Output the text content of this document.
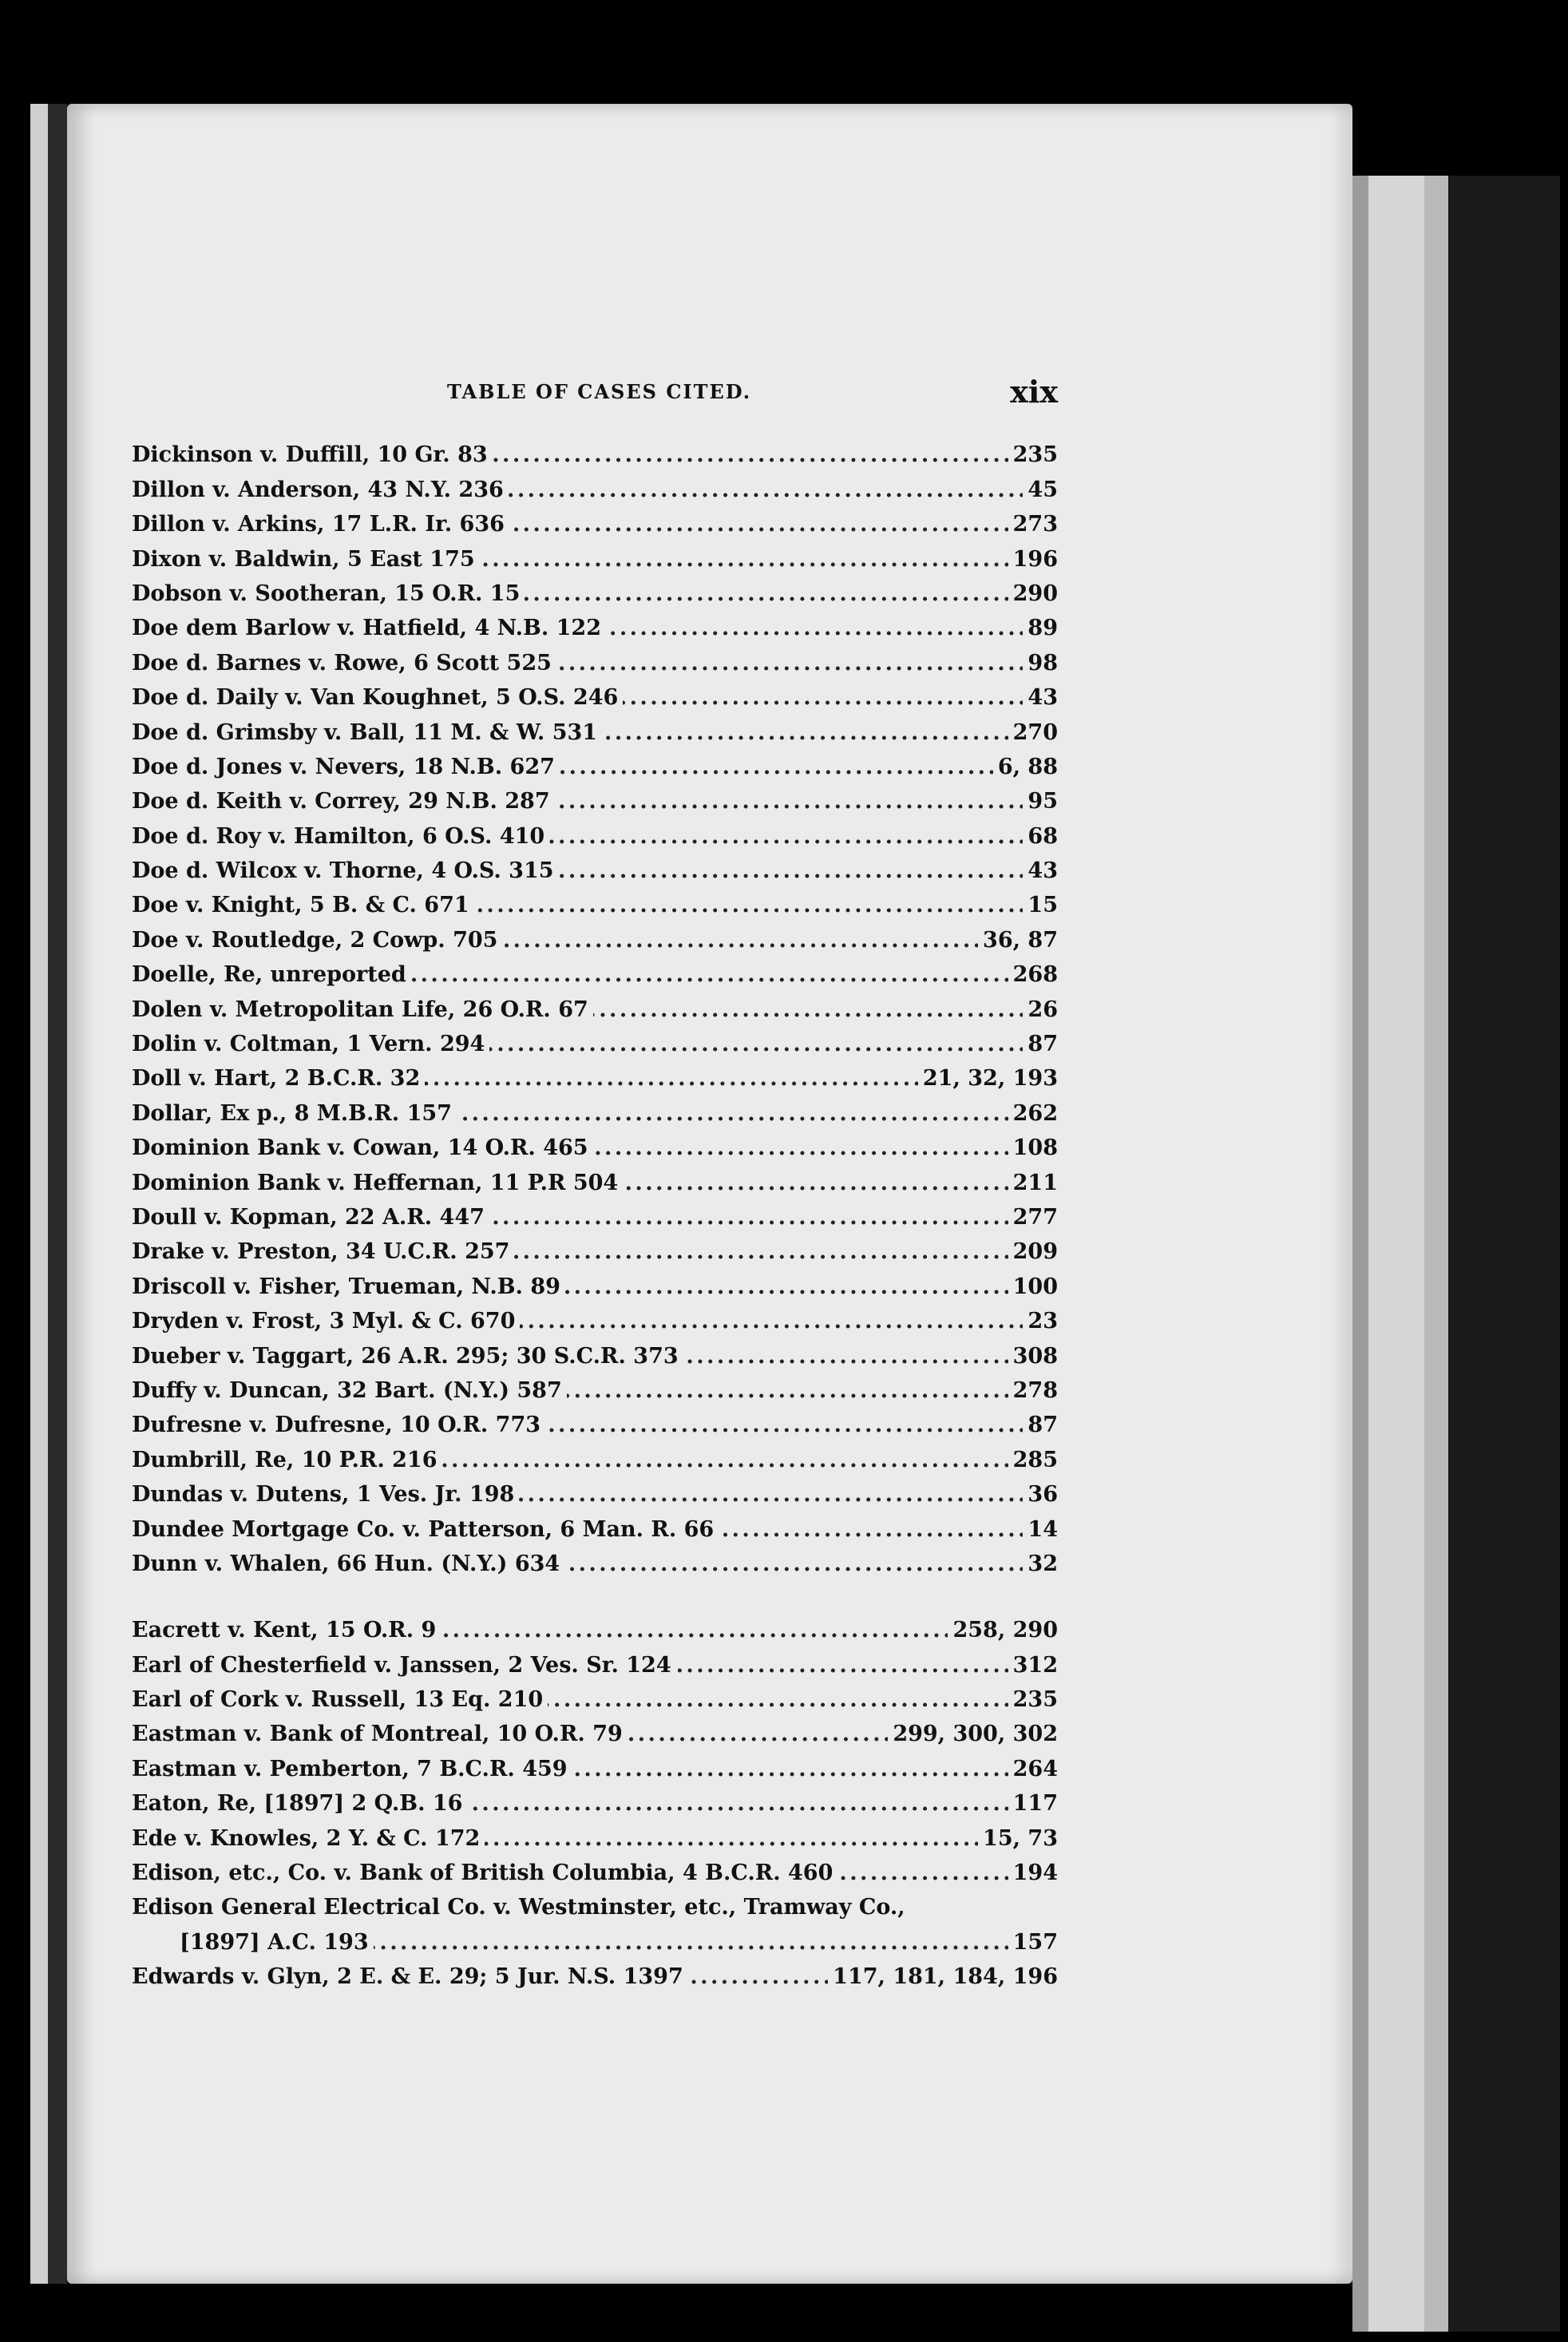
TABLE OF CASES CITED.	xix
Dickinson v. Duffill, 10 Gr. 83 . . .	235
Dillon v. Anderson, 43 N.Y. 236 . . .	45
Dillon v. Arkins, 17 L.R. Ir. 636 . . .	273
Dixon v. Baldwin, 5 East 175 . . .	196
Dobson v. Sootheran, 15 O.R. 15 . . .	290
Doe dem Barlow v. Hatfield, 4 N.B. 122 . . .	89
Doe d. Barnes v. Rowe, 6 Scott 525 . . .	98
Doe d. Daily v. Van Koughnet, 5 O.S. 246 . . .	43
Doe d. Grimsby v. Ball, 11 M. & W. 531 . . .	270
Doe d. Jones v. Nevers, 18 N.B. 627 . . .	6, 88
Doe d. Keith v. Correy, 29 N.B. 287 . . .	95
Doe d. Roy v. Hamilton, 6 O.S. 410 . . .	68
Doe d. Wilcox v. Thorne, 4 O.S. 315 . . .	43
Doe v. Knight, 5 B. & C. 671 . . .	15
Doe v. Routledge, 2 Cowp. 705 . . .	36, 87
Doelle, Re, unreported . . .	268
Dolen v. Metropolitan Life, 26 O.R. 67 . . .	26
Dolin v. Coltman, 1 Vern. 294 . . .	87
Doll v. Hart, 2 B.C.R. 32 . . .	21, 32, 193
Dollar, Ex p., 8 M.B.R. 157 . . .	262
Dominion Bank v. Cowan, 14 O.R. 465 . . .	108
Dominion Bank v. Heffernan, 11 P.R 504 . . .	211
Doull v. Kopman, 22 A.R. 447 . . .	277
Drake v. Preston, 34 U.C.R. 257 . . .	209
Driscoll v. Fisher, Trueman, N.B. 89 . . .	100
Dryden v. Frost, 3 Myl. & C. 670 . . .	23
Dueber v. Taggart, 26 A.R. 295; 30 S.C.R. 373 . . .	308
Duffy v. Duncan, 32 Bart. (N.Y.) 587 . . .	278
Dufresne v. Dufresne, 10 O.R. 773 . . .	87
Dumbrill, Re, 10 P.R. 216 . . .	285
Dundas v. Dutens, 1 Ves. Jr. 198 . . .	36
Dundee Mortgage Co. v. Patterson, 6 Man. R. 66 . . .	14
Dunn v. Whalen, 66 Hun. (N.Y.) 634 . . .	32
Eacrett v. Kent, 15 O.R. 9 . . .	258, 290
Earl of Chesterfield v. Janssen, 2 Ves. Sr. 124 . . .	312
Earl of Cork v. Russell, 13 Eq. 210 . . .	235
Eastman v. Bank of Montreal, 10 O.R. 79 . . .	299, 300, 302
Eastman v. Pemberton, 7 B.C.R. 459 . . .	264
Eaton, Re, [1897] 2 Q.B. 16 . . .	117
Ede v. Knowles, 2 Y. & C. 172 . . .	15, 73
Edison, etc., Co. v. Bank of British Columbia, 4 B.C.R. 460 . . .	194
Edison General Electrical Co. v. Westminster, etc., Tramway Co.,
[1897] A.C. 193 . . .	157
Edwards v. Glyn, 2 E. & E. 29; 5 Jur. N.S. 1397 . . .	117, 181, 184, 196
